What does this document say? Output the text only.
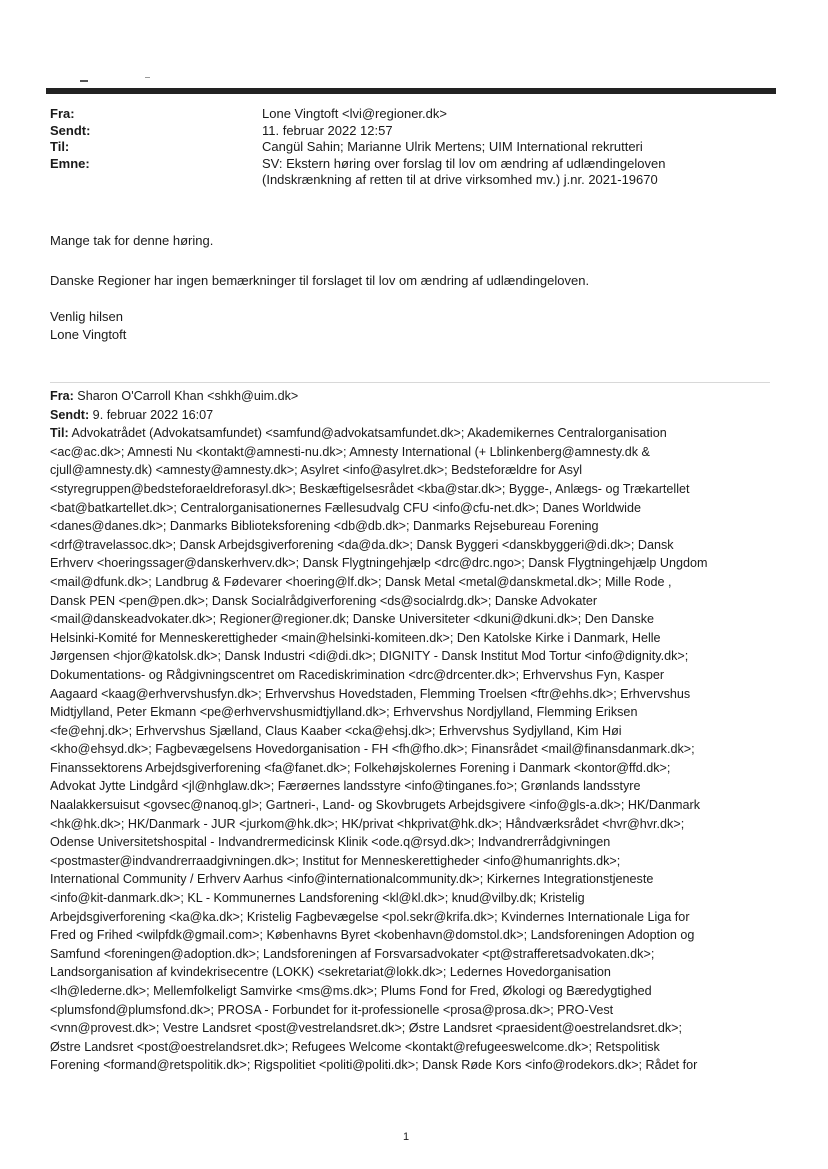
Fra:	Lone Vingtoft <lvi@regioner.dk>
Sendt:	11. februar 2022 12:57
Til:	Cangül Sahin; Marianne Ulrik Mertens; UIM International rekrutteri
Emne:	SV: Ekstern høring over forslag til lov om ændring af udlændingeloven
(Indskrænkning af retten til at drive virksomhed mv.) j.nr. 2021-19670

Mange tak for denne høring.

Danske Regioner har ingen bemærkninger til forslaget til lov om ændring af udlændingeloven.

Venlig hilsen

Lone Vingtoft

Fra: Sharon O'Carroll Khan <shkh@uim.dk>
Sendt: 9. februar 2022 16:07
Til: Advokatrådet (Advokatsamfundet) <samfund@advokatsamfundet.dk>; Akademikernes Centralorganisation
<ac@ac.dk>; Amnesti Nu <kontakt@amnesti-nu.dk>; Amnesty International (+ Lblinkenberg@amnesty.dk &
cjull@amnesty.dk) <amnesty@amnesty.dk>; Asylret <info@asylret.dk>; Bedsteforældre for Asyl
<styregruppen@bedsteforaeldreforasyl.dk>; Beskæftigelsesrådet <kba@star.dk>; Bygge-, Anlægs- og Trækartellet
<bat@batkartellet.dk>; Centralorganisationernes Fællesudvalg CFU <info@cfu-net.dk>; Danes Worldwide
<danes@danes.dk>; Danmarks Biblioteksforening <db@db.dk>; Danmarks Rejsebureau Forening
<drf@travelassoc.dk>; Dansk Arbejdsgiverforening <da@da.dk>; Dansk Byggeri <danskbyggeri@di.dk>; Dansk
Erhverv <hoeringssager@danskerhverv.dk>; Dansk Flygtningehjælp <drc@drc.ngo>; Dansk Flygtningehjælp Ungdom
<mail@dfunk.dk>; Landbrug & Fødevarer <hoering@lf.dk>; Dansk Metal <metal@danskmetal.dk>; Mille Rode ,
Dansk PEN <pen@pen.dk>; Dansk Socialrådgiverforening <ds@socialrdg.dk>; Danske Advokater
<mail@danskeadvokater.dk>; Regioner@regioner.dk; Danske Universiteter <dkuni@dkuni.dk>; Den Danske
Helsinki-Komité for Menneskerettigheder <main@helsinki-komiteen.dk>; Den Katolske Kirke i Danmark, Helle
Jørgensen <hjor@katolsk.dk>; Dansk Industri <di@di.dk>; DIGNITY - Dansk Institut Mod Tortur <info@dignity.dk>;
Dokumentations- og Rådgivningscentret om Racediskrimination <drc@drcenter.dk>; Erhvervshus Fyn, Kasper
Aagaard <kaag@erhvervshusfyn.dk>; Erhvervshus Hovedstaden, Flemming Troelsen <ftr@ehhs.dk>; Erhvervshus
Midtjylland, Peter Ekmann <pe@erhvervshusmidtjylland.dk>; Erhvervshus Nordjylland, Flemming Eriksen
<fe@ehnj.dk>; Erhvervshus Sjælland, Claus Kaaber <cka@ehsj.dk>; Erhvervshus Sydjylland, Kim Høi
<kho@ehsyd.dk>; Fagbevægelsens Hovedorganisation - FH <fh@fho.dk>; Finansrådet <mail@finansdanmark.dk>;
Finanssektorens Arbejdsgiverforening <fa@fanet.dk>; Folkehøjskolernes Forening i Danmark <kontor@ffd.dk>;
Advokat Jytte Lindgård <jl@nhglaw.dk>; Færøernes landsstyre <info@tinganes.fo>; Grønlands landsstyre
Naalakkersuisut <govsec@nanoq.gl>; Gartneri-, Land- og Skovbrugets Arbejdsgivere <info@gls-a.dk>; HK/Danmark
<hk@hk.dk>; HK/Danmark - JUR <jurkom@hk.dk>; HK/privat <hkprivat@hk.dk>; Håndværksrådet <hvr@hvr.dk>;
Odense Universitetshospital - Indvandrermedicinsk Klinik <ode.q@rsyd.dk>; Indvandrerrådgivningen
<postmaster@indvandrerraadgivningen.dk>; Institut for Menneskerettigheder <info@humanrights.dk>;
International Community / Erhverv Aarhus <info@internationalcommunity.dk>; Kirkernes Integrationstjeneste
<info@kit-danmark.dk>; KL - Kommunernes Landsforening <kl@kl.dk>; knud@vilby.dk; Kristelig
Arbejdsgiverforening <ka@ka.dk>; Kristelig Fagbevægelse <pol.sekr@krifa.dk>; Kvindernes Internationale Liga for
Fred og Frihed <wilpfdk@gmail.com>; Københavns Byret <kobenhavn@domstol.dk>; Landsforeningen Adoption og
Samfund <foreningen@adoption.dk>; Landsforeningen af Forsvarsadvokater <pt@strafferetsadvokaten.dk>;
Landsorganisation af kvindekrisecentre (LOKK) <sekretariat@lokk.dk>; Ledernes Hovedorganisation
<lh@lederne.dk>; Mellemfolkeligt Samvirke <ms@ms.dk>; Plums Fond for Fred, Økologi og Bæredygtighed
<plumsfond@plumsfond.dk>; PROSA - Forbundet for it-professionelle <prosa@prosa.dk>; PRO-Vest
<vnn@provest.dk>; Vestre Landsret <post@vestrelandsret.dk>; Østre Landsret <praesident@oestrelandsret.dk>;
Østre Landsret <post@oestrelandsret.dk>; Refugees Welcome <kontakt@refugeeswelcome.dk>; Retspolitisk
Forening <formand@retspolitik.dk>; Rigspolitiet <politi@politi.dk>; Dansk Røde Kors <info@rodekors.dk>; Rådet for
1
